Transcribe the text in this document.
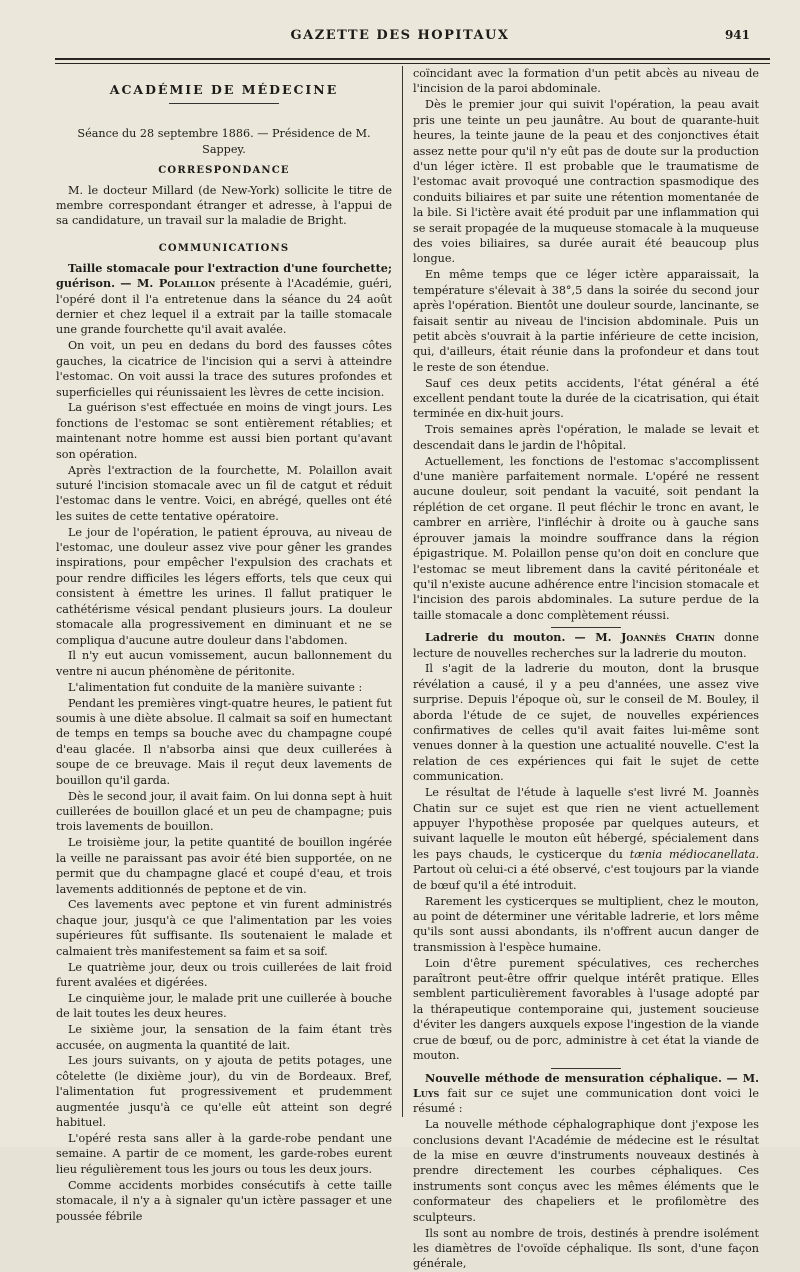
GAZETTE DES HOPITAUX	941
ACADÉMIE DE MÉDECINE
Séance du 28 septembre 1886. — Présidence de M. Sappey.
CORRESPONDANCE

M. le docteur Millard (de New-York) sollicite le titre de membre correspondant étranger et adresse, à l'appui de sa candidature, un travail sur la maladie de Bright.

COMMUNICATIONS

Taille stomacale pour l'extraction d'une fourchette; guérison. — M. Polaillon présente à l'Académie, guéri, l'opéré dont il l'a entretenue dans la séance du 24 août dernier et chez lequel il a extrait par la taille stomacale une grande fourchette qu'il avait avalée.

On voit, un peu en dedans du bord des fausses côtes gauches, la cicatrice de l'incision qui a servi à atteindre l'estomac. On voit aussi la trace des sutures profondes et superficielles qui réunissaient les lèvres de cette incision.

La guérison s'est effectuée en moins de vingt jours. Les fonctions de l'estomac se sont entièrement rétablies; et maintenant notre homme est aussi bien portant qu'avant son opération.

Après l'extraction de la fourchette, M. Polaillon avait suturé l'incision stomacale avec un fil de catgut et réduit l'estomac dans le ventre. Voici, en abrégé, quelles ont été les suites de cette tentative opératoire.

Le jour de l'opération, le patient éprouva, au niveau de l'estomac, une douleur assez vive pour gêner les grandes inspirations, pour empêcher l'expulsion des crachats et pour rendre difficiles les légers efforts, tels que ceux qui consistent à émettre les urines. Il fallut pratiquer le cathétérisme vésical pendant plusieurs jours. La douleur stomacale alla progressivement en diminuant et ne se compliqua d'aucune autre douleur dans l'abdomen.

Il n'y eut aucun vomissement, aucun ballonnement du ventre ni aucun phénomène de péritonite.

L'alimentation fut conduite de la manière suivante :

Pendant les premières vingt-quatre heures, le patient fut soumis à une diète absolue. Il calmait sa soif en humectant de temps en temps sa bouche avec du champagne coupé d'eau glacée. Il n'absorba ainsi que deux cuillerées à soupe de ce breuvage. Mais il reçut deux lavements de bouillon qu'il garda.

Dès le second jour, il avait faim. On lui donna sept à huit cuillerées de bouillon glacé et un peu de champagne; puis trois lavements de bouillon.

Le troisième jour, la petite quantité de bouillon ingérée la veille ne paraissant pas avoir été bien supportée, on ne permit que du champagne glacé et coupé d'eau, et trois lavements additionnés de peptone et de vin.

Ces lavements avec peptone et vin furent administrés chaque jour, jusqu'à ce que l'alimentation par les voies supérieures fût suffisante. Ils soutenaient le malade et calmaient très manifestement sa faim et sa soif.

Le quatrième jour, deux ou trois cuillerées de lait froid furent avalées et digérées.

Le cinquième jour, le malade prit une cuillerée à bouche de lait toutes les deux heures.

Le sixième jour, la sensation de la faim étant très accusée, on augmenta la quantité de lait.

Les jours suivants, on y ajouta de petits potages, une côtelette (le dixième jour), du vin de Bordeaux. Bref, l'alimentation fut progressivement et prudemment augmentée jusqu'à ce qu'elle eût atteint son degré habituel.

L'opéré resta sans aller à la garde-robe pendant une semaine. A partir de ce moment, les garde-robes eurent lieu régulièrement tous les jours ou tous les deux jours.

Comme accidents morbides consécutifs à cette taille stomacale, il n'y a à signaler qu'un ictère passager et une poussée fébrile

coïncidant avec la formation d'un petit abcès au niveau de l'incision de la paroi abdominale.

Dès le premier jour qui suivit l'opération, la peau avait pris une teinte un peu jaunâtre. Au bout de quarante-huit heures, la teinte jaune de la peau et des conjonctives était assez nette pour qu'il n'y eût pas de doute sur la production d'un léger ictère. Il est probable que le traumatisme de l'estomac avait provoqué une contraction spasmodique des conduits biliaires et par suite une rétention momentanée de la bile. Si l'ictère avait été produit par une inflammation qui se serait propagée de la muqueuse stomacale à la muqueuse des voies biliaires, sa durée aurait été beaucoup plus longue.

En même temps que ce léger ictère apparaissait, la température s'élevait à 38°,5 dans la soirée du second jour après l'opération. Bientôt une douleur sourde, lancinante, se faisait sentir au niveau de l'incision abdominale. Puis un petit abcès s'ouvrait à la partie inférieure de cette incision, qui, d'ailleurs, était réunie dans la profondeur et dans tout le reste de son étendue.

Sauf ces deux petits accidents, l'état général a été excellent pendant toute la durée de la cicatrisation, qui était terminée en dix-huit jours.

Trois semaines après l'opération, le malade se levait et descendait dans le jardin de l'hôpital.

Actuellement, les fonctions de l'estomac s'accomplissent d'une manière parfaitement normale. L'opéré ne ressent aucune douleur, soit pendant la vacuité, soit pendant la réplétion de cet organe. Il peut fléchir le tronc en avant, le cambrer en arrière, l'infléchir à droite ou à gauche sans éprouver jamais la moindre souffrance dans la région épigastrique. M. Polaillon pense qu'on doit en conclure que l'estomac se meut librement dans la cavité péritonéale et qu'il n'existe aucune adhérence entre l'incision stomacale et l'incision des parois abdominales. La suture perdue de la taille stomacale a donc complètement réussi.

Ladrerie du mouton. — M. Joannès Chatin donne lecture de nouvelles recherches sur la ladrerie du mouton.

Il s'agit de la ladrerie du mouton, dont la brusque révélation a causé, il y a peu d'années, une assez vive surprise. Depuis l'époque où, sur le conseil de M. Bouley, il aborda l'étude de ce sujet, de nouvelles expériences confirmatives de celles qu'il avait faites lui-même sont venues donner à la question une actualité nouvelle. C'est la relation de ces expériences qui fait le sujet de cette communication.

Le résultat de l'étude à laquelle s'est livré M. Joannès Chatin sur ce sujet est que rien ne vient actuellement appuyer l'hypothèse proposée par quelques auteurs, et suivant laquelle le mouton eût hébergé, spécialement dans les pays chauds, le cysticerque du tænia médiocanellata. Partout où celui-ci a été observé, c'est toujours par la viande de bœuf qu'il a été introduit.

Rarement les cysticerques se multiplient, chez le mouton, au point de déterminer une véritable ladrerie, et lors même qu'ils sont aussi abondants, ils n'offrent aucun danger de transmission à l'espèce humaine.

Loin d'être purement spéculatives, ces recherches paraîtront peut-être offrir quelque intérêt pratique. Elles semblent particulièrement favorables à l'usage adopté par la thérapeutique contemporaine qui, justement soucieuse d'éviter les dangers auxquels expose l'ingestion de la viande crue de bœuf, ou de porc, administre à cet état la viande de mouton.

Nouvelle méthode de mensuration céphalique. — M. Luys fait sur ce sujet une communication dont voici le résumé :

La nouvelle méthode céphalographique dont j'expose les conclusions devant l'Académie de médecine est le résultat de la mise en œuvre d'instruments nouveaux destinés à prendre directement les courbes céphaliques. Ces instruments sont conçus avec les mêmes éléments que le conformateur des chapeliers et le profilomètre des sculpteurs.

Ils sont au nombre de trois, destinés à prendre isolément les diamètres de l'ovoïde céphalique. Ils sont, d'une façon générale,
